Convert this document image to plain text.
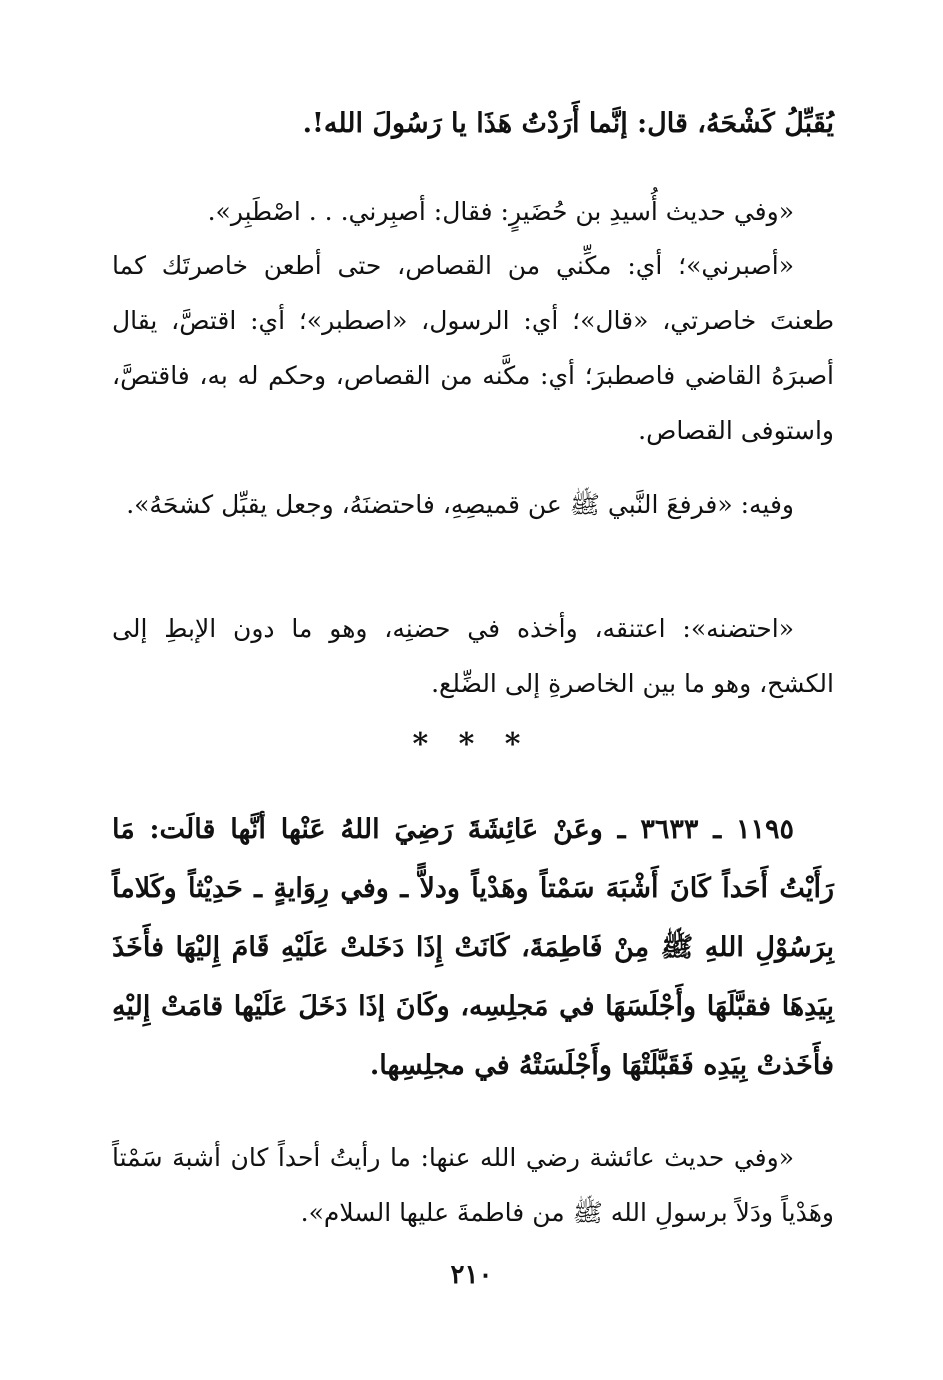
يُقَبِّلُ كَشْحَهُ، قال: إنَّما أَرَدْتُ هَذَا يا رَسُولَ الله!.

«وفي حديث أُسيدِ بن حُضَيرٍ: فقال: أصبِرني. . . اصْطَبِر».

«أصبرني»؛ أي: مكِّني من القصاص، حتى أطعن خاصرتَك كما طعنتَ خاصرتي، «قال»؛ أي: الرسول، «اصطبر»؛ أي: اقتصَّ، يقال أصبرَهُ القاضي فاصطبرَ؛ أي: مكَّنه من القصاص، وحكم له به، فاقتصَّ، واستوفى القصاص.

وفيه: «فرفعَ النَّبي ﷺ عن قميصِهِ، فاحتضنَهُ، وجعل يقبِّل كشحَهُ».

«احتضنه»: اعتنقه، وأخذه في حضنِه، وهو ما دون الإبطِ إلى الكشح، وهو ما بين الخاصرةِ إلى الضِّلع.

* * *

١١٩٥ ـ ٣٦٣٣ ـ وعَنْ عَائِشَةَ رَضِيَ اللهُ عَنْها أنَّها قالَت: مَا رَأَيْتُ أَحَداً كَانَ أَشْبَهَ سَمْتاً وهَدْياً ودلاًّ ـ وفي رِوَايةٍ ـ حَدِيْثاً وكَلاماً بِرَسُوْلِ اللهِ ﷺ مِنْ فَاطِمَةَ، كَانَتْ إِذَا دَخَلتْ عَلَيْهِ قَامَ إِليْهَا فأَخَذَ بِيَدِهَا فقبَّلَهَا وأَجْلَسَهَا في مَجلِسِه، وكَانَ إذَا دَخَلَ عَلَيْها قامَتْ إِليْهِ فأَخَذتْ بِيَدِه فَقَبَّلَتْهَا وأَجْلَسَتْهُ في مجلِسِها.

«وفي حديث عائشة رضي الله عنها: ما رأيتُ أحداً كان أشبهَ سَمْتاً وهَدْياً ودَلاً برسولِ الله ﷺ من فاطمةَ عليها السلام».

٢١٠
